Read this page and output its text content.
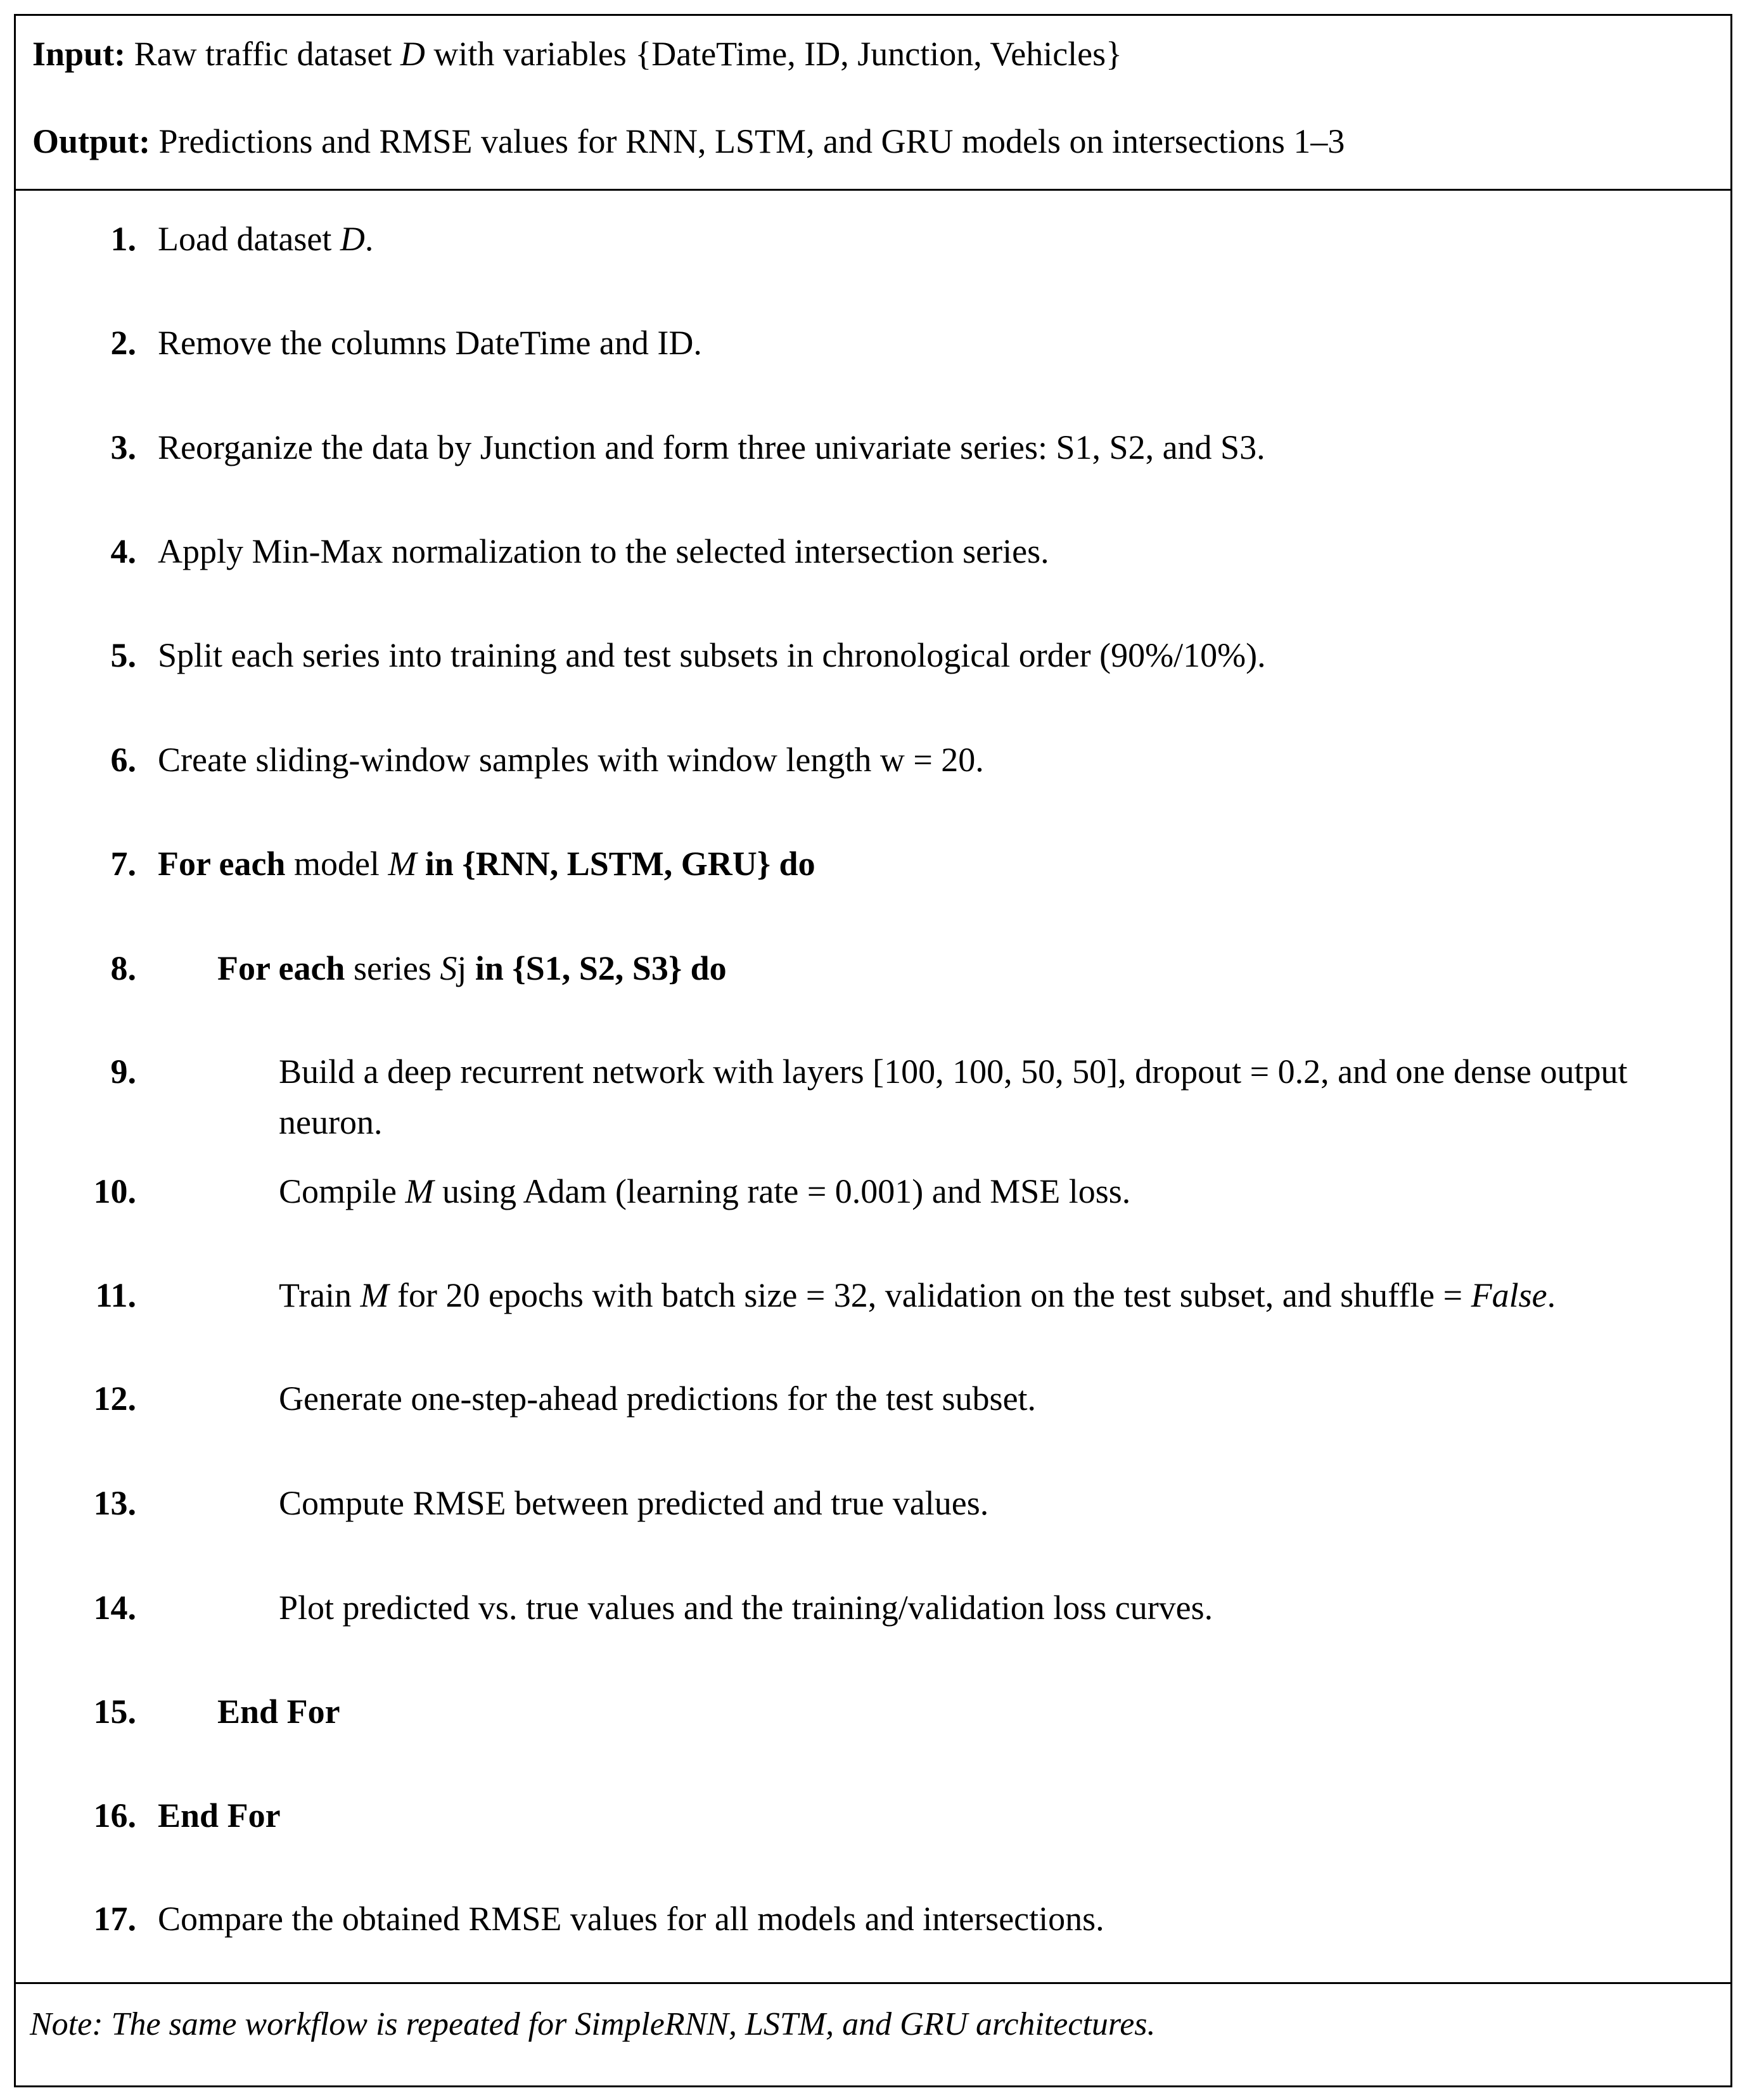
Input: Raw traffic dataset D with variables {DateTime, ID, Junction, Vehicles}
Output: Predictions and RMSE values for RNN, LSTM, and GRU models on intersections 1–3
1. Load dataset D.
2. Remove the columns DateTime and ID.
3. Reorganize the data by Junction and form three univariate series: S1, S2, and S3.
4. Apply Min-Max normalization to the selected intersection series.
5. Split each series into training and test subsets in chronological order (90%/10%).
6. Create sliding-window samples with window length w = 20.
7. For each model M in {RNN, LSTM, GRU} do
8. For each series Sj in {S1, S2, S3} do
9.	Build a deep recurrent network with layers [100, 100, 50, 50], dropout = 0.2, and one dense output neuron.
10.	Compile M using Adam (learning rate = 0.001) and MSE loss.
11.	Train M for 20 epochs with batch size = 32, validation on the test subset, and shuffle = False.
12.	Generate one-step-ahead predictions for the test subset.
13.	Compute RMSE between predicted and true values.
14.	Plot predicted vs. true values and the training/validation loss curves.
15. End For
16. End For
17. Compare the obtained RMSE values for all models and intersections.
Note: The same workflow is repeated for SimpleRNN, LSTM, and GRU architectures.
